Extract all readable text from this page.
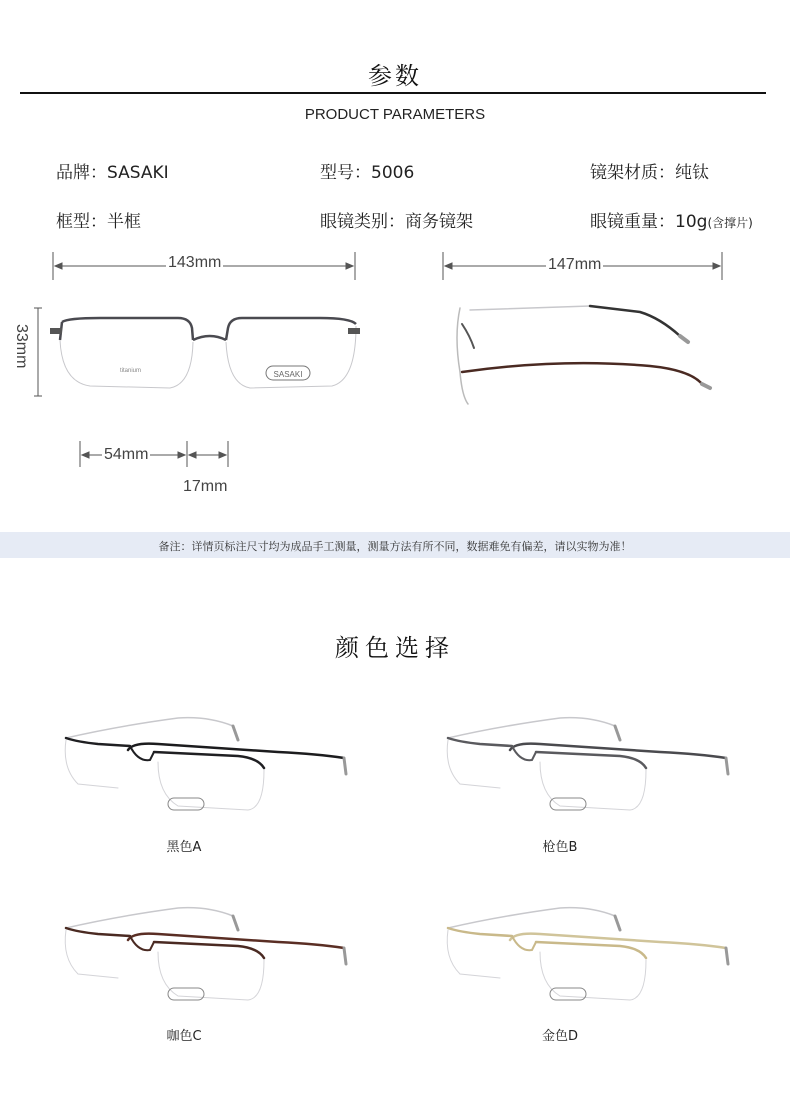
参数
PRODUCT PARAMETERS
品牌：SASAKI	型号：5006	镜架材质：纯钛
框型：半框	眼镜类别：商务镜架	眼镜重量：10g(含撑片)
143mm	147mm
33mm
54mm
17mm
SASAKI
titanium
备注：详情页标注尺寸均为成品手工测量，测量方法有所不同，数据难免有偏差，请以实物为准！
颜色选择
黑色A	枪色B
咖色C	金色D
